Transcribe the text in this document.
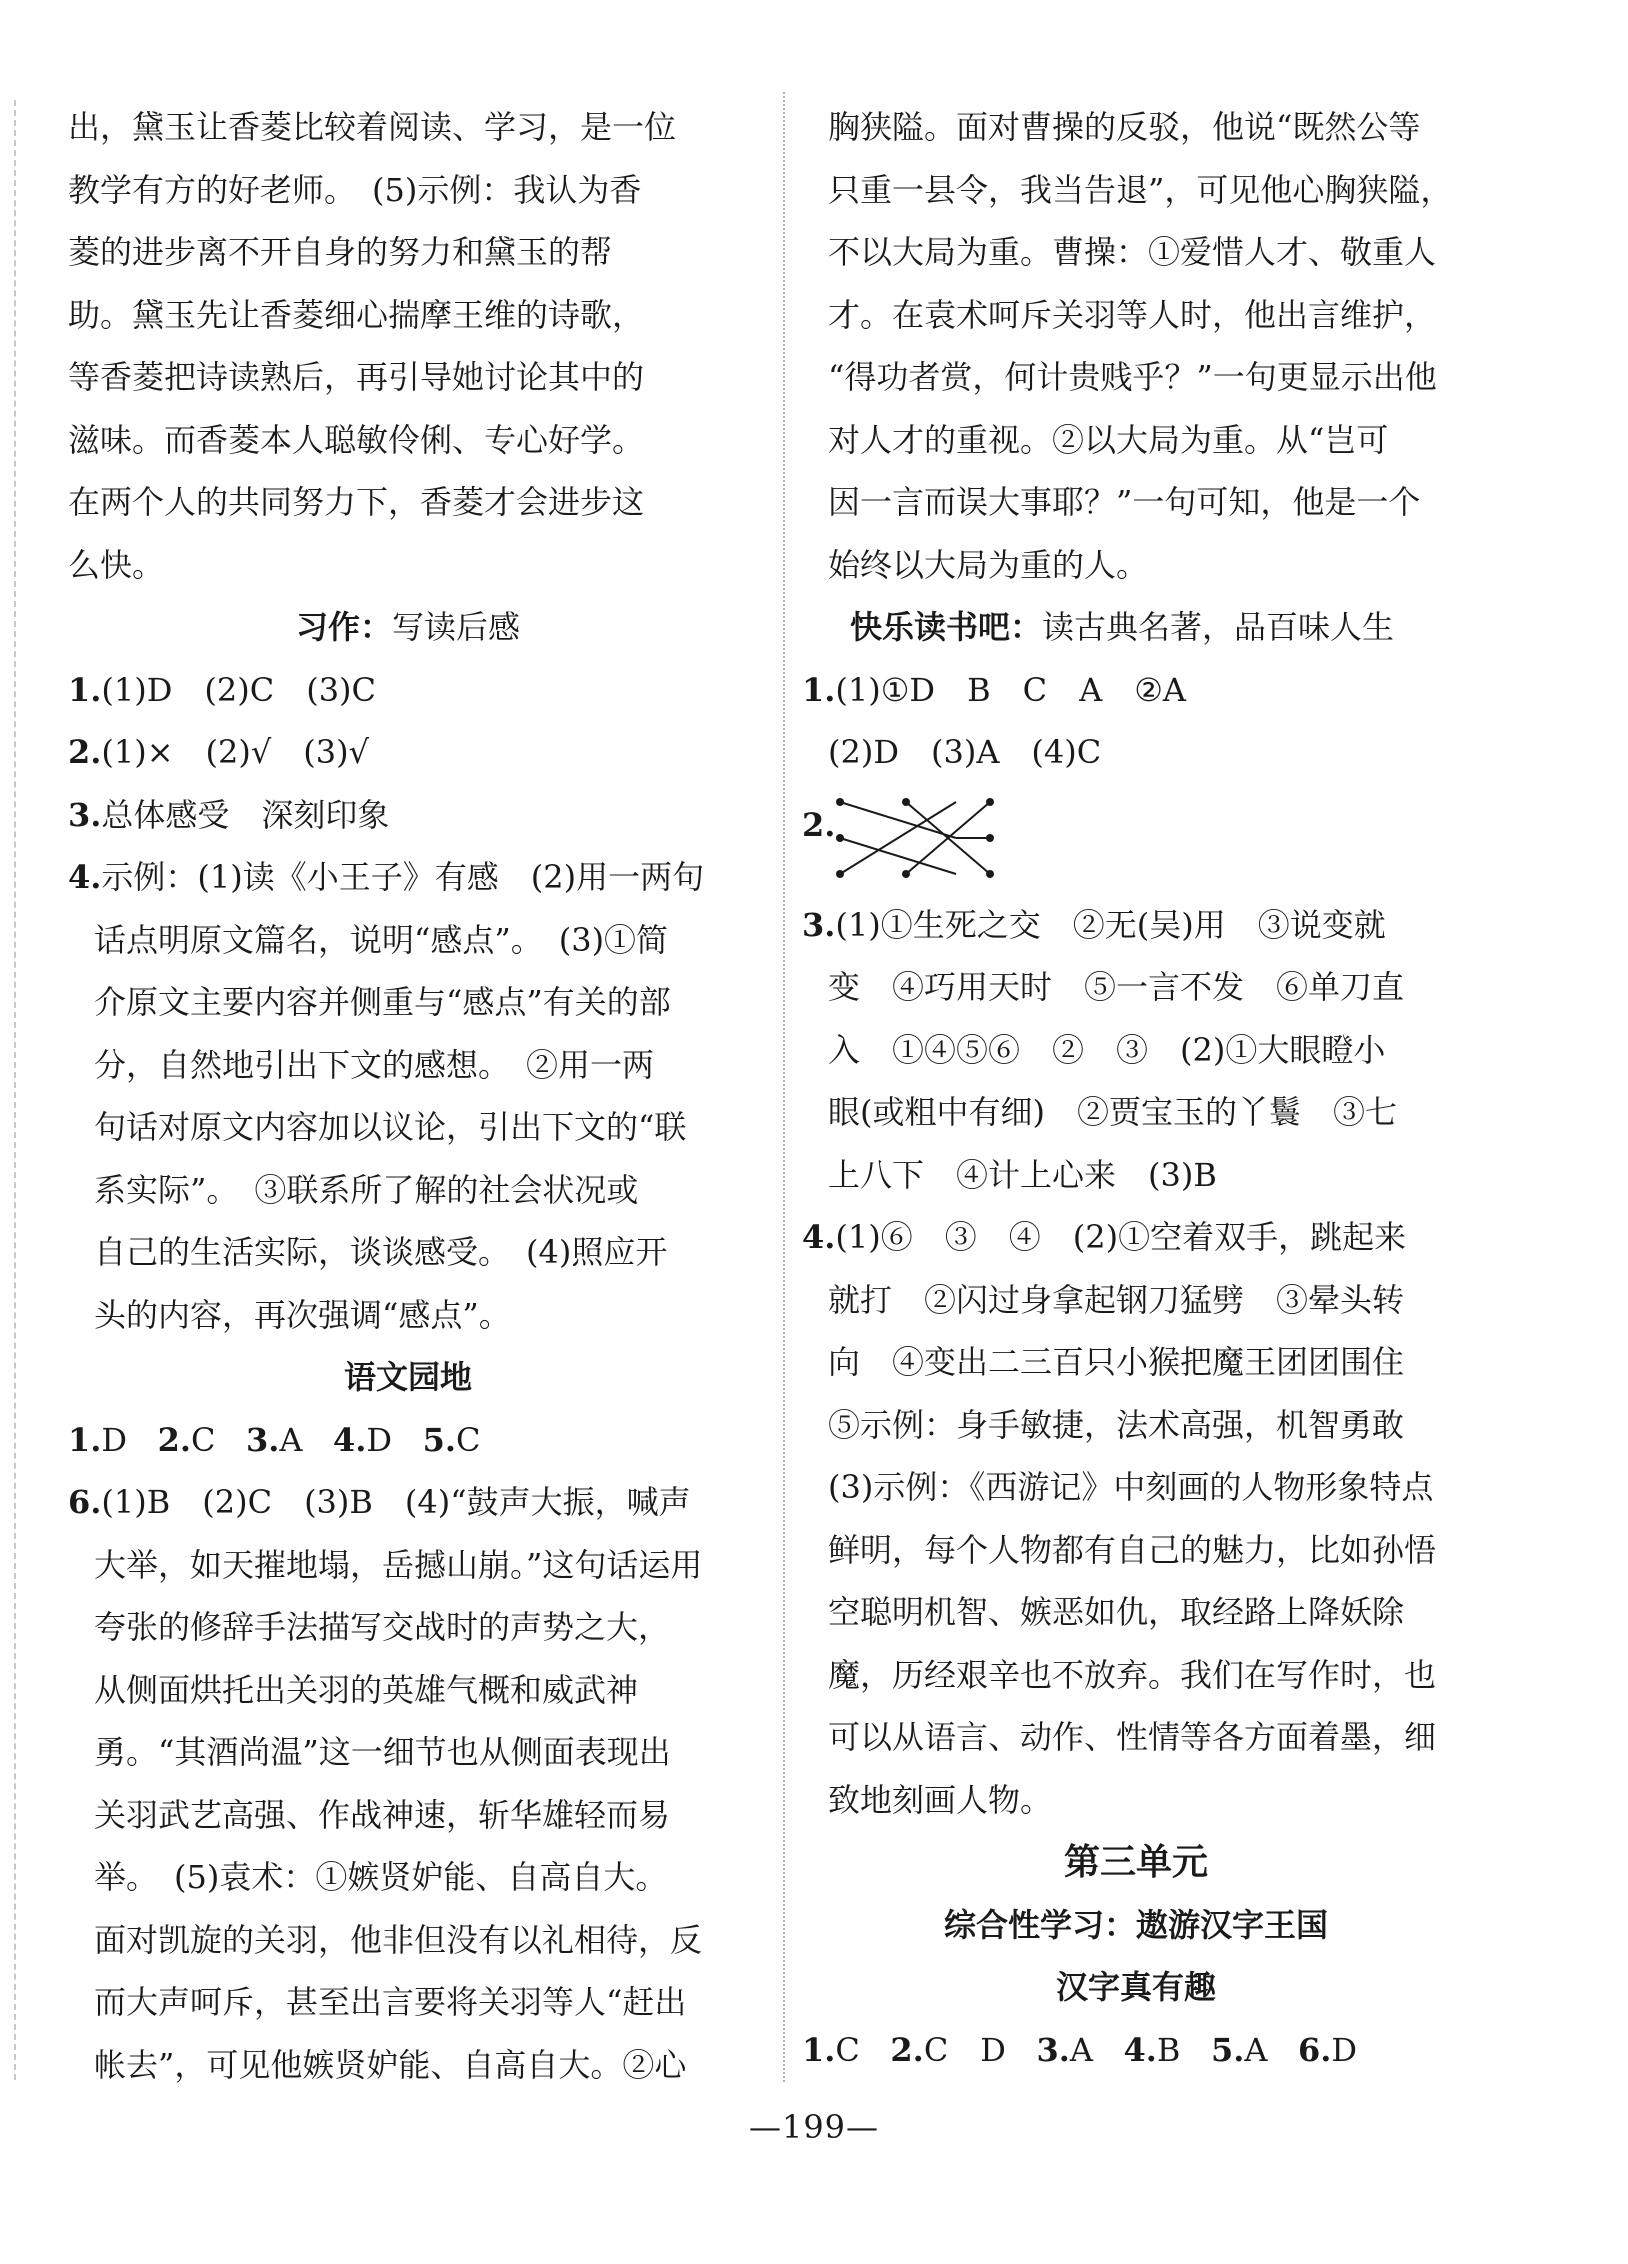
出，黛玉让香菱比较着阅读、学习，是一位

教学有方的好老师。　(5)示例：我认为香

菱的进步离不开自身的努力和黛玉的帮

助。黛玉先让香菱细心揣摩王维的诗歌，

等香菱把诗读熟后，再引导她讨论其中的

滋味。而香菱本人聪敏伶俐、专心好学。

在两个人的共同努力下，香菱才会进步这

么快。

习作：写读后感

1.(1)D　(2)C　(3)C

2.(1)×　(2)√　(3)√

3.总体感受　深刻印象

4.示例：(1)读《小王子》有感　(2)用一两句

话点明原文篇名，说明“感点”。　(3)①简

介原文主要内容并侧重与“感点”有关的部

分，自然地引出下文的感想。　②用一两

句话对原文内容加以议论，引出下文的“联

系实际”。　③联系所了解的社会状况或

自己的生活实际，谈谈感受。　(4)照应开

头的内容，再次强调“感点”。

语文园地

1.D 2.C 3.A 4.D 5.C

6.(1)B　(2)C　(3)B　(4)“鼓声大振，喊声

大举，如天摧地塌，岳撼山崩。”这句话运用

夸张的修辞手法描写交战时的声势之大，

从侧面烘托出关羽的英雄气概和威武神

勇。“其酒尚温”这一细节也从侧面表现出

关羽武艺高强、作战神速，斩华雄轻而易

举。　(5)袁术：①嫉贤妒能、自高自大。

面对凯旋的关羽，他非但没有以礼相待，反

而大声呵斥，甚至出言要将关羽等人“赶出

帐去”，可见他嫉贤妒能、自高自大。②心

胸狭隘。面对曹操的反驳，他说“既然公等

只重一县令，我当告退”，可见他心胸狭隘，

不以大局为重。曹操：①爱惜人才、敬重人

才。在袁术呵斥关羽等人时，他出言维护，

“得功者赏，何计贵贱乎？”一句更显示出他

对人才的重视。②以大局为重。从“岂可

因一言而误大事耶？”一句可知，他是一个

始终以大局为重的人。

快乐读书吧：读古典名著，品百味人生

1.(1)①D　B　C　A　②A

(2)D　(3)A　(4)C

2.

3.(1)①生死之交　②无(吴)用　③说变就

变　④巧用天时　⑤一言不发　⑥单刀直

入　①④⑤⑥　②　③　(2)①大眼瞪小

眼(或粗中有细)　②贾宝玉的丫鬟　③七

上八下　④计上心来　(3)B

4.(1)⑥　③　④　(2)①空着双手，跳起来

就打　②闪过身拿起钢刀猛劈　③晕头转

向　④变出二三百只小猴把魔王团团围住

⑤示例：身手敏捷，法术高强，机智勇敢

(3)示例：《西游记》中刻画的人物形象特点

鲜明，每个人物都有自己的魅力，比如孙悟

空聪明机智、嫉恶如仇，取经路上降妖除

魔，历经艰辛也不放弃。我们在写作时，也

可以从语言、动作、性情等各方面着墨，细

致地刻画人物。

第三单元

综合性学习：遨游汉字王国

汉字真有趣

1.C 2.C　D 3.A 4.B 5.A 6.D

—199—
